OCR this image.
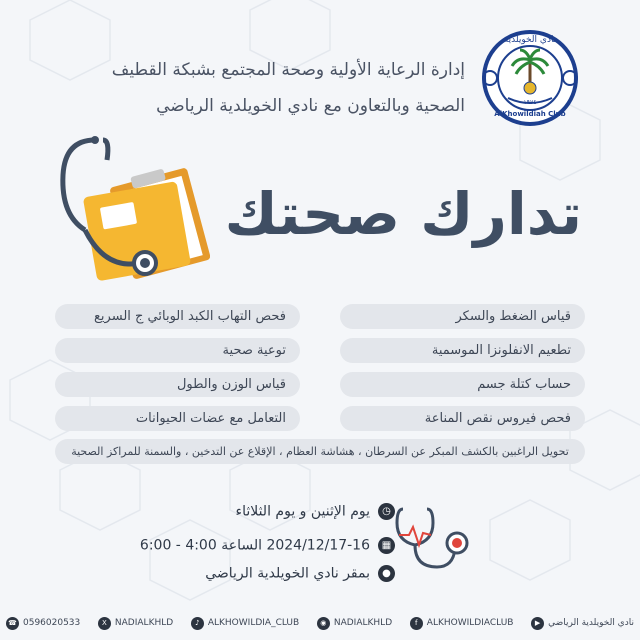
إدارة الرعاية الأولية وصحة المجتمع بشبكة القطيف
الصحية وبالتعاون مع نادي الخويلدية الرياضي
نادي الخويلدية
AlKhowildiah Club
١٩٧٤
تدارك صحتك
قياس الضغط والسكر
فحص التهاب الكبد الوبائي ج السريع
تطعيم الانفلونزا الموسمية
توعية صحية
حساب كتلة جسم
قياس الوزن والطول
فحص فيروس نقص المناعة
التعامل مع عضات الحيوانات
تحويل الراغبين بالكشف المبكر عن السرطان ، هشاشة العظام ، الإقلاع عن التدخين ، والسمنة للمراكز الصحية
◷يوم الإثنين و يوم الثلاثاء
▦2024/12/17-16 الساعة 4:00 - 6:00
●بمقر نادي الخويلدية الرياضي
▶ نادي الخويلدية الرياضي
f	ALKHOWILDIACLUB
◉ NADIALKHLD
♪ ALKHOWILDIA_CLUB
X NADIALKHLD
☎ 0596020533
